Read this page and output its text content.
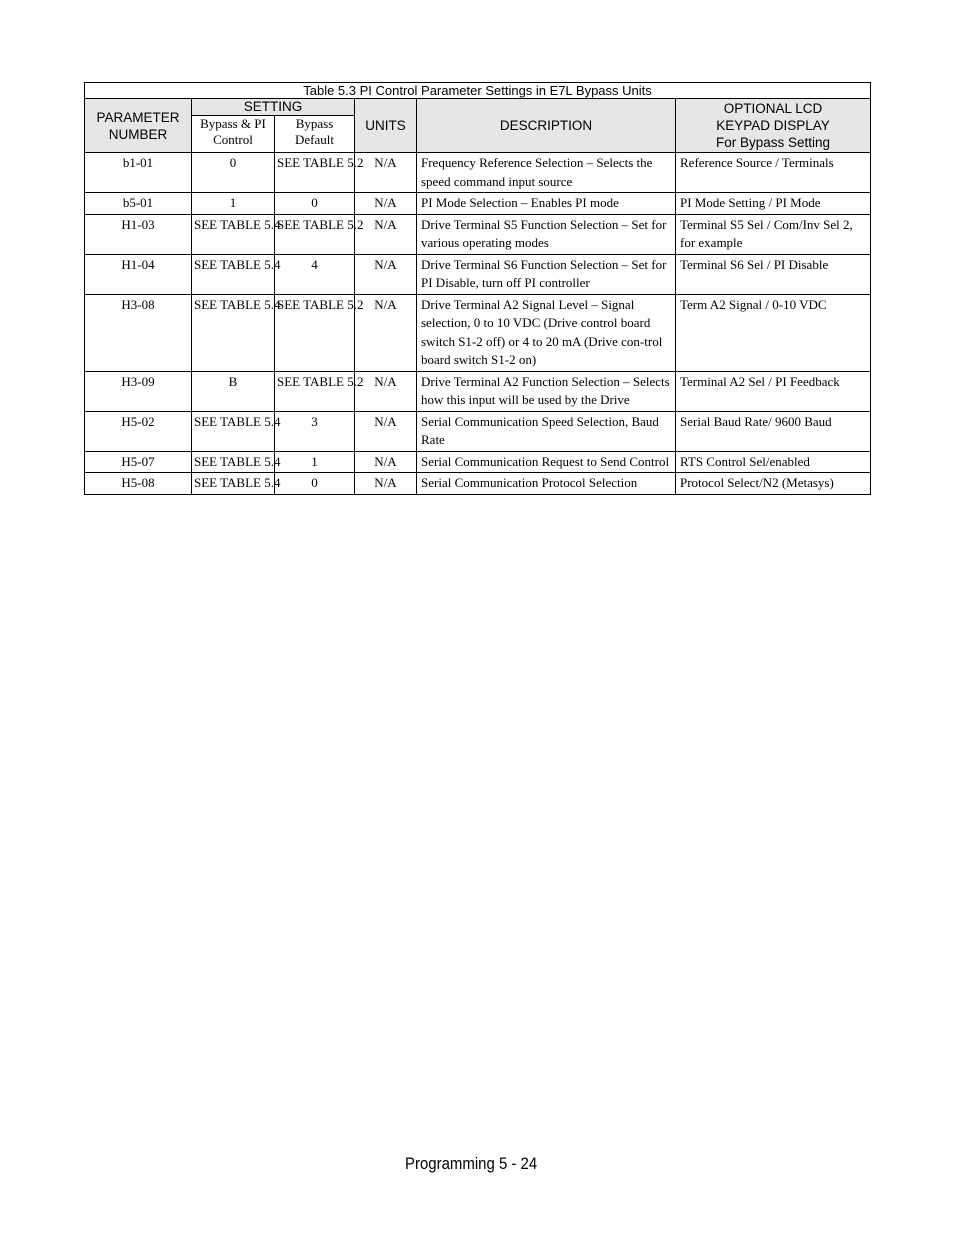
Table 5.3 PI Control Parameter Settings in E7L Bypass Units					
PARAMETER NUMBER	SETTING		UNITS	DESCRIPTION	OPTIONAL LCD
KEYPAD DISPLAY
For Bypass Setting

	Bypass & PI Control	Bypass Default			
b1-01	0	SEE TABLE 5.2	N/A	Frequency Reference Selection – Selects the speed command input source	Reference Source / Terminals
b5-01	1	0	N/A	PI Mode Selection – Enables PI mode	PI Mode Setting / PI Mode
H1-03	SEE TABLE 5.4	SEE TABLE 5.2	N/A	Drive Terminal S5 Function Selection – Set for various operating modes	Terminal S5 Sel / Com/Inv Sel 2, for example
H1-04	SEE TABLE 5.4	4	N/A	Drive Terminal S6 Function Selection – Set for PI Disable, turn off PI controller	Terminal S6 Sel / PI Disable
H3-08	SEE TABLE 5.4	SEE TABLE 5.2	N/A	Drive Terminal A2 Signal Level – Signal selection, 0 to 10 VDC (Drive control board switch S1-2 off) or 4 to 20 mA (Drive con-trol board switch S1-2 on)	Term A2 Signal / 0-10 VDC
H3-09	B	SEE TABLE 5.2	N/A	Drive Terminal A2 Function Selection – Selects how this input will be used by the Drive	Terminal A2 Sel / PI Feedback
H5-02	SEE TABLE 5.4	3	N/A	Serial Communication Speed Selection, Baud Rate	Serial Baud Rate/ 9600 Baud
H5-07	SEE TABLE 5.4	1	N/A	Serial Communication Request to Send Control	RTS Control Sel/enabled
H5-08	SEE TABLE 5.4	0	N/A	Serial Communication Protocol Selection	Protocol Select/N2 (Metasys)
Programming 5 - 24
